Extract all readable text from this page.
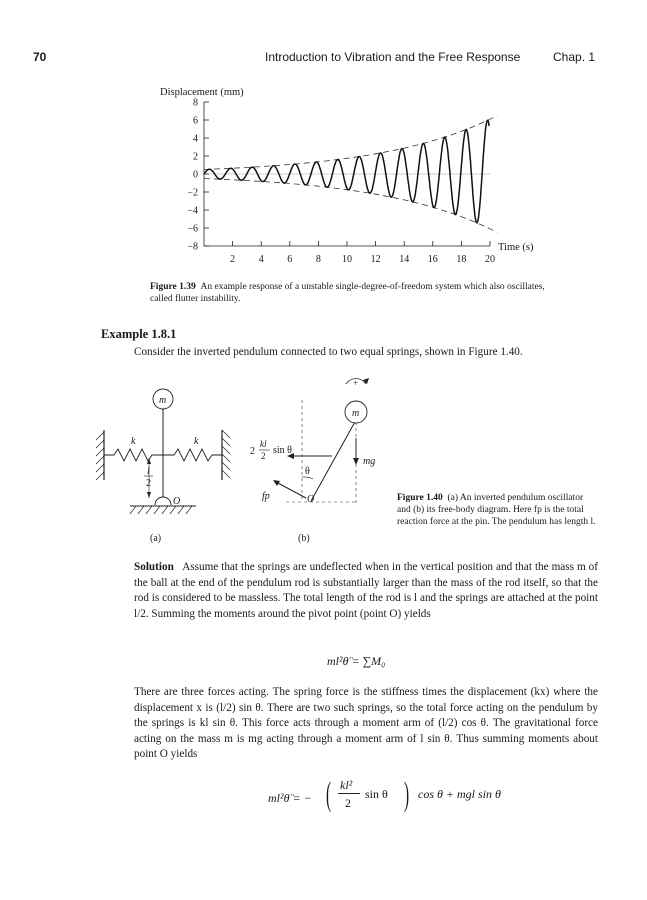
70	Introduction to Vibration and the Free Response	Chap. 1
Displacement (mm)
8
6
4
2
0
−2
−4
−6
−8
2 4 6 8 10 12 14 16 18 20
Time (s)
Figure 1.39 An example response of a unstable single-degree-of-freedom system which also oscillates, called flutter instability.
Example 1.8.1
Consider the inverted pendulum connected to two equal springs, shown in Figure 1.40.
m
k	k
l
2
O
(a)
m
+
mg
2
kl
2 sin θ
θ
fp	O
(b)
Figure 1.40 (a) An inverted pendulum oscillator and (b) its free-body diagram. Here fp is the total reaction force at the pin. The pendulum has length l.
Solution Assume that the springs are undeflected when in the vertical position and that the mass m of the ball at the end of the pendulum rod is substantially larger than the mass of the rod itself, so that the rod is considered to be massless. The total length of the rod is l and the springs are attached at the point l/2. Summing the moments around the pivot point (point O) yields
ml²θ̈ = ∑M₀
There are three forces acting. The spring force is the stiffness times the displacement (kx) where the displacement x is (l/2) sin θ. There are two such springs, so the total force acting on the pendulum by the springs is kl sin θ. This force acts through a moment arm of (l/2) cos θ. The gravitational force acting on the mass m is mg acting through a moment arm of l sin θ. Thus summing moments about point O yields
ml²θ̈ = − ( kl²
2
sin θ ) cos θ + mgl sin θ
